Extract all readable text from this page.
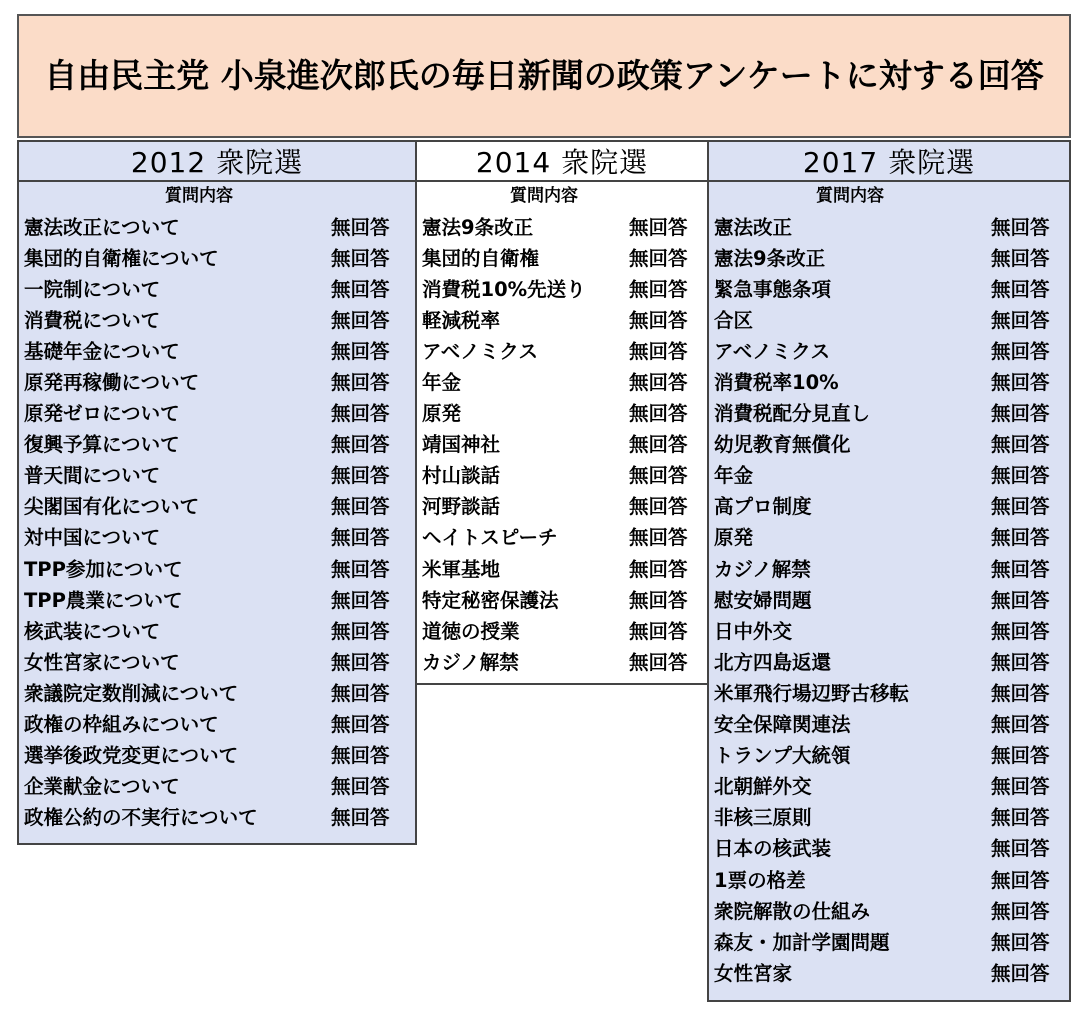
自由民主党 小泉進次郎氏の毎日新聞の政策アンケートに対する回答
2012 衆院選
質問内容
憲法改正について	無回答
集団的自衛権について	無回答
一院制について	無回答
消費税について	無回答
基礎年金について	無回答
原発再稼働について	無回答
原発ゼロについて	無回答
復興予算について	無回答
普天間について	無回答
尖閣国有化について	無回答
対中国について	無回答
TPP参加について	無回答
TPP農業について	無回答
核武装について	無回答
女性宮家について	無回答
衆議院定数削減について	無回答
政権の枠組みについて	無回答
選挙後政党変更について	無回答
企業献金について	無回答
政権公約の不実行について	無回答
2014 衆院選
質問内容
憲法9条改正	無回答
集団的自衛権	無回答
消費税10%先送り	無回答
軽減税率	無回答
アベノミクス	無回答
年金	無回答
原発	無回答
靖国神社	無回答
村山談話	無回答
河野談話	無回答
ヘイトスピーチ	無回答
米軍基地	無回答
特定秘密保護法	無回答
道徳の授業	無回答
カジノ解禁	無回答
2017 衆院選
質問内容
憲法改正	無回答
憲法9条改正	無回答
緊急事態条項	無回答
合区	無回答
アベノミクス	無回答
消費税率10%	無回答
消費税配分見直し	無回答
幼児教育無償化	無回答
年金	無回答
高プロ制度	無回答
原発	無回答
カジノ解禁	無回答
慰安婦問題	無回答
日中外交	無回答
北方四島返還	無回答
米軍飛行場辺野古移転	無回答
安全保障関連法	無回答
トランプ大統領	無回答
北朝鮮外交	無回答
非核三原則	無回答
日本の核武装	無回答
1票の格差	無回答
衆院解散の仕組み	無回答
森友・加計学園問題	無回答
女性宮家	無回答
